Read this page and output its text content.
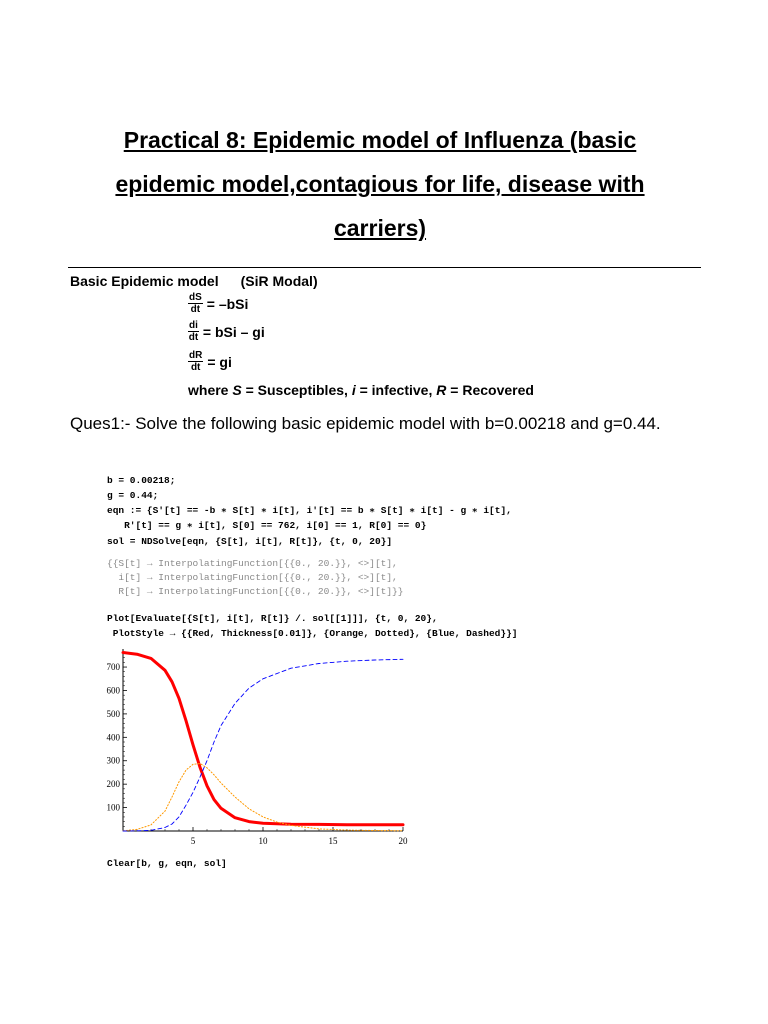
Practical 8: Epidemic model of Influenza (basic epidemic model,contagious for life, disease with carriers)
Basic Epidemic model (SiR Modal)
$\frac{dS}{dt} = -bSi$
$\frac{di}{dt}$ = bSi – gi
$\frac{dR}{dt}$ = gi
where S = Susceptibles, i = infective, R = Recovered
Ques1:- Solve the following basic epidemic model with b=0.00218 and g=0.44.
b = 0.00218;
g = 0.44;
eqn := {S'[t] == -b ∗ S[t] ∗ i[t], i'[t] == b ∗ S[t] ∗ i[t] - g ∗ i[t],
R'[t] == g ∗ i[t], S[0] == 762, i[0] == 1, R[0] == 0}
sol = NDSolve[eqn, {S[t], i[t], R[t]}, {t, 0, 20}]
{{S[t] → InterpolatingFunction[{{0., 20.}}, <>][t],
i[t] → InterpolatingFunction[{{0., 20.}}, <>][t],
R[t] → InterpolatingFunction[{{0., 20.}}, <>][t]}}
Plot[Evaluate[{S[t], i[t], R[t]} /. sol[[1]]], {t, 0, 20},
PlotStyle → {{Red, Thickness[0.01]}, {Orange, Dotted}, {Blue, Dashed}}]
5	10	15	20
100
200
300
400
500
600
700
Clear[b, g, eqn, sol]
